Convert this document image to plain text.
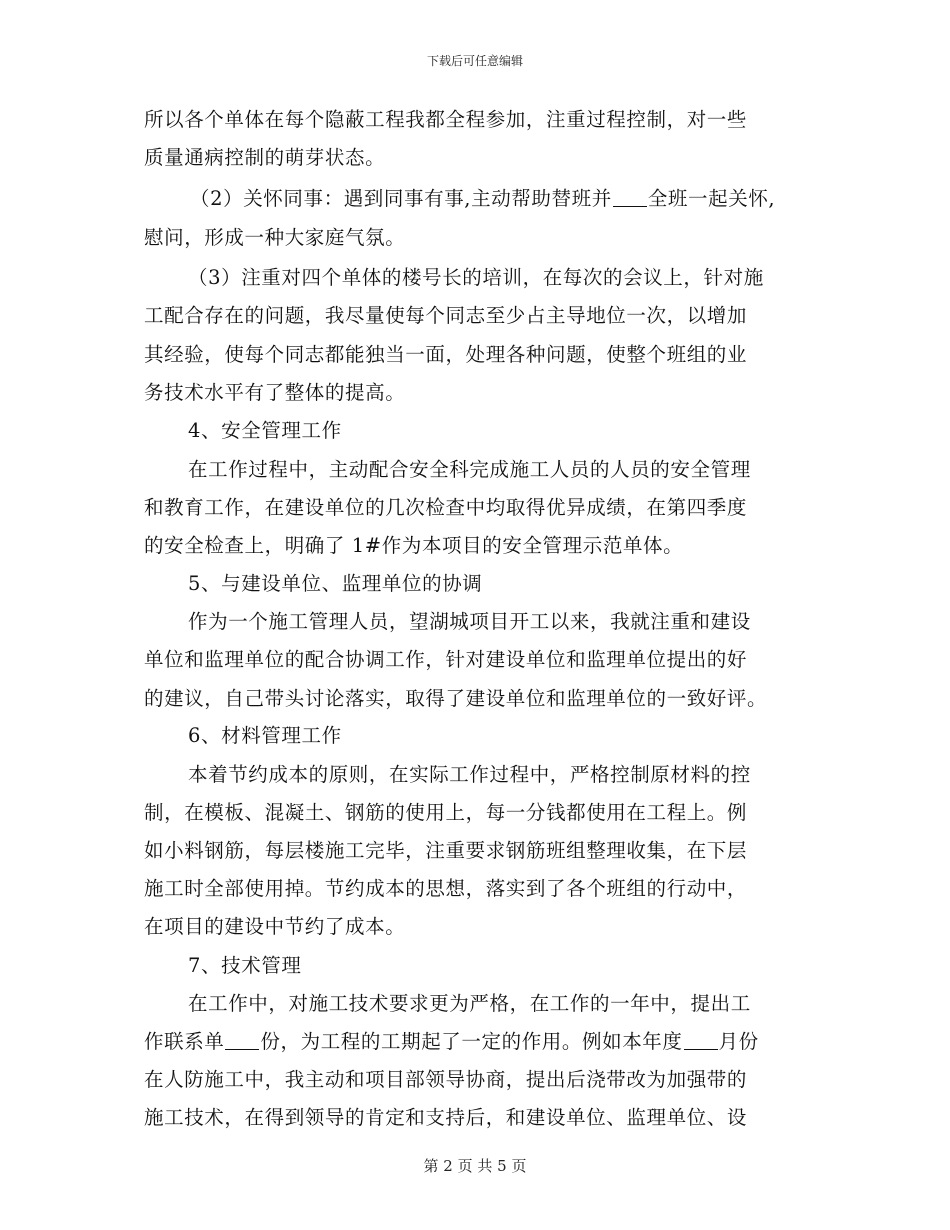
下载后可任意编辑
所以各个单体在每个隐蔽工程我都全程参加，注重过程控制，对一些
质量通病控制的萌芽状态。
（2）关怀同事：遇到同事有事,主动帮助替班并 全班一起关怀,
慰问，形成一种大家庭气氛。
（3）注重对四个单体的楼号长的培训，在每次的会议上，针对施
工配合存在的问题，我尽量使每个同志至少占主导地位一次，以增加
其经验，使每个同志都能独当一面，处理各种问题，使整个班组的业
务技术水平有了整体的提高。
4、安全管理工作
在工作过程中，主动配合安全科完成施工人员的人员的安全管理
和教育工作，在建设单位的几次检查中均取得优异成绩，在第四季度
的安全检查上，明确了 1#作为本项目的安全管理示范单体。
5、与建设单位、监理单位的协调
作为一个施工管理人员，望湖城项目开工以来，我就注重和建设
单位和监理单位的配合协调工作，针对建设单位和监理单位提出的好
的建议，自己带头讨论落实，取得了建设单位和监理单位的一致好评。
6、材料管理工作
本着节约成本的原则，在实际工作过程中，严格控制原材料的控
制，在模板、混凝土、钢筋的使用上，每一分钱都使用在工程上。例
如小料钢筋，每层楼施工完毕，注重要求钢筋班组整理收集，在下层
施工时全部使用掉。节约成本的思想，落实到了各个班组的行动中，
在项目的建设中节约了成本。
7、技术管理
在工作中，对施工技术要求更为严格，在工作的一年中，提出工
作联系单 份，为工程的工期起了一定的作用。例如本年度 月份
在人防施工中，我主动和项目部领导协商，提出后浇带改为加强带的
施工技术，在得到领导的肯定和支持后，和建设单位、监理单位、设
第 2 页 共 5 页
